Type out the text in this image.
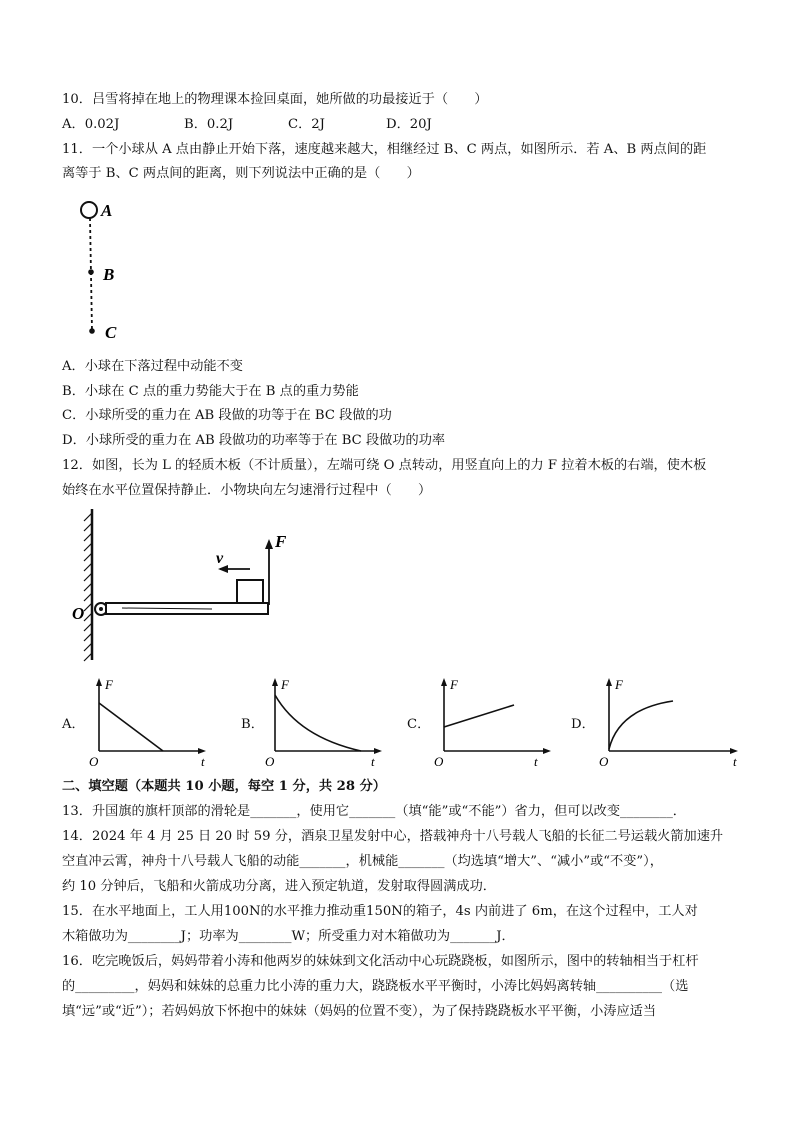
10．吕雪将掉在地上的物理课本捡回桌面，她所做的功最接近于（　　）
A．0.02J	B．0.2J	C．2J	D．20J
11．一个小球从 A 点由静止开始下落，速度越来越大，相继经过 B、C 两点，如图所示．若 A、B 两点间的距
离等于 B、C 两点间的距离，则下列说法中正确的是（　　）
A
B
C
A．小球在下落过程中动能不变
B．小球在 C 点的重力势能大于在 B 点的重力势能
C．小球所受的重力在 AB 段做的功等于在 BC 段做的功
D．小球所受的重力在 AB 段做功的功率等于在 BC 段做功的功率
12．如图，长为 L 的轻质木板（不计质量），左端可绕 O 点转动，用竖直向上的力 F 拉着木板的右端，使木板
始终在水平位置保持静止．小物块向左匀速滑行过程中（　　）
O
F
v
A．
F
O	t
B．
F
O	t
C．
F
O	t
D．
F
O	t
二、填空题（本题共 10 小题，每空 1 分，共 28 分）
13．升国旗的旗杆顶部的滑轮是_______，使用它_______（填“能”或“不能”）省力，但可以改变________．
14．2024 年 4 月 25 日 20 时 59 分，酒泉卫星发射中心，搭载神舟十八号载人飞船的长征二号运载火箭加速升
空直冲云霄，神舟十八号载人飞船的动能_______，机械能_______（均选填“增大”、“减小”或“不变”），
约 10 分钟后，飞船和火箭成功分离，进入预定轨道，发射取得圆满成功．
15．在水平地面上，工人用100N的水平推力推动重150N的箱子，4s 内前进了 6m，在这个过程中，工人对
木箱做功为________J；功率为________W；所受重力对木箱做功为_______J．
16．吃完晚饭后，妈妈带着小涛和他两岁的妹妹到文化活动中心玩跷跷板，如图所示，图中的转轴相当于杠杆
的_________，妈妈和妹妹的总重力比小涛的重力大，跷跷板水平平衡时，小涛比妈妈离转轴__________（选
填“远”或“近”）；若妈妈放下怀抱中的妹妹（妈妈的位置不变），为了保持跷跷板水平平衡，小涛应适当
